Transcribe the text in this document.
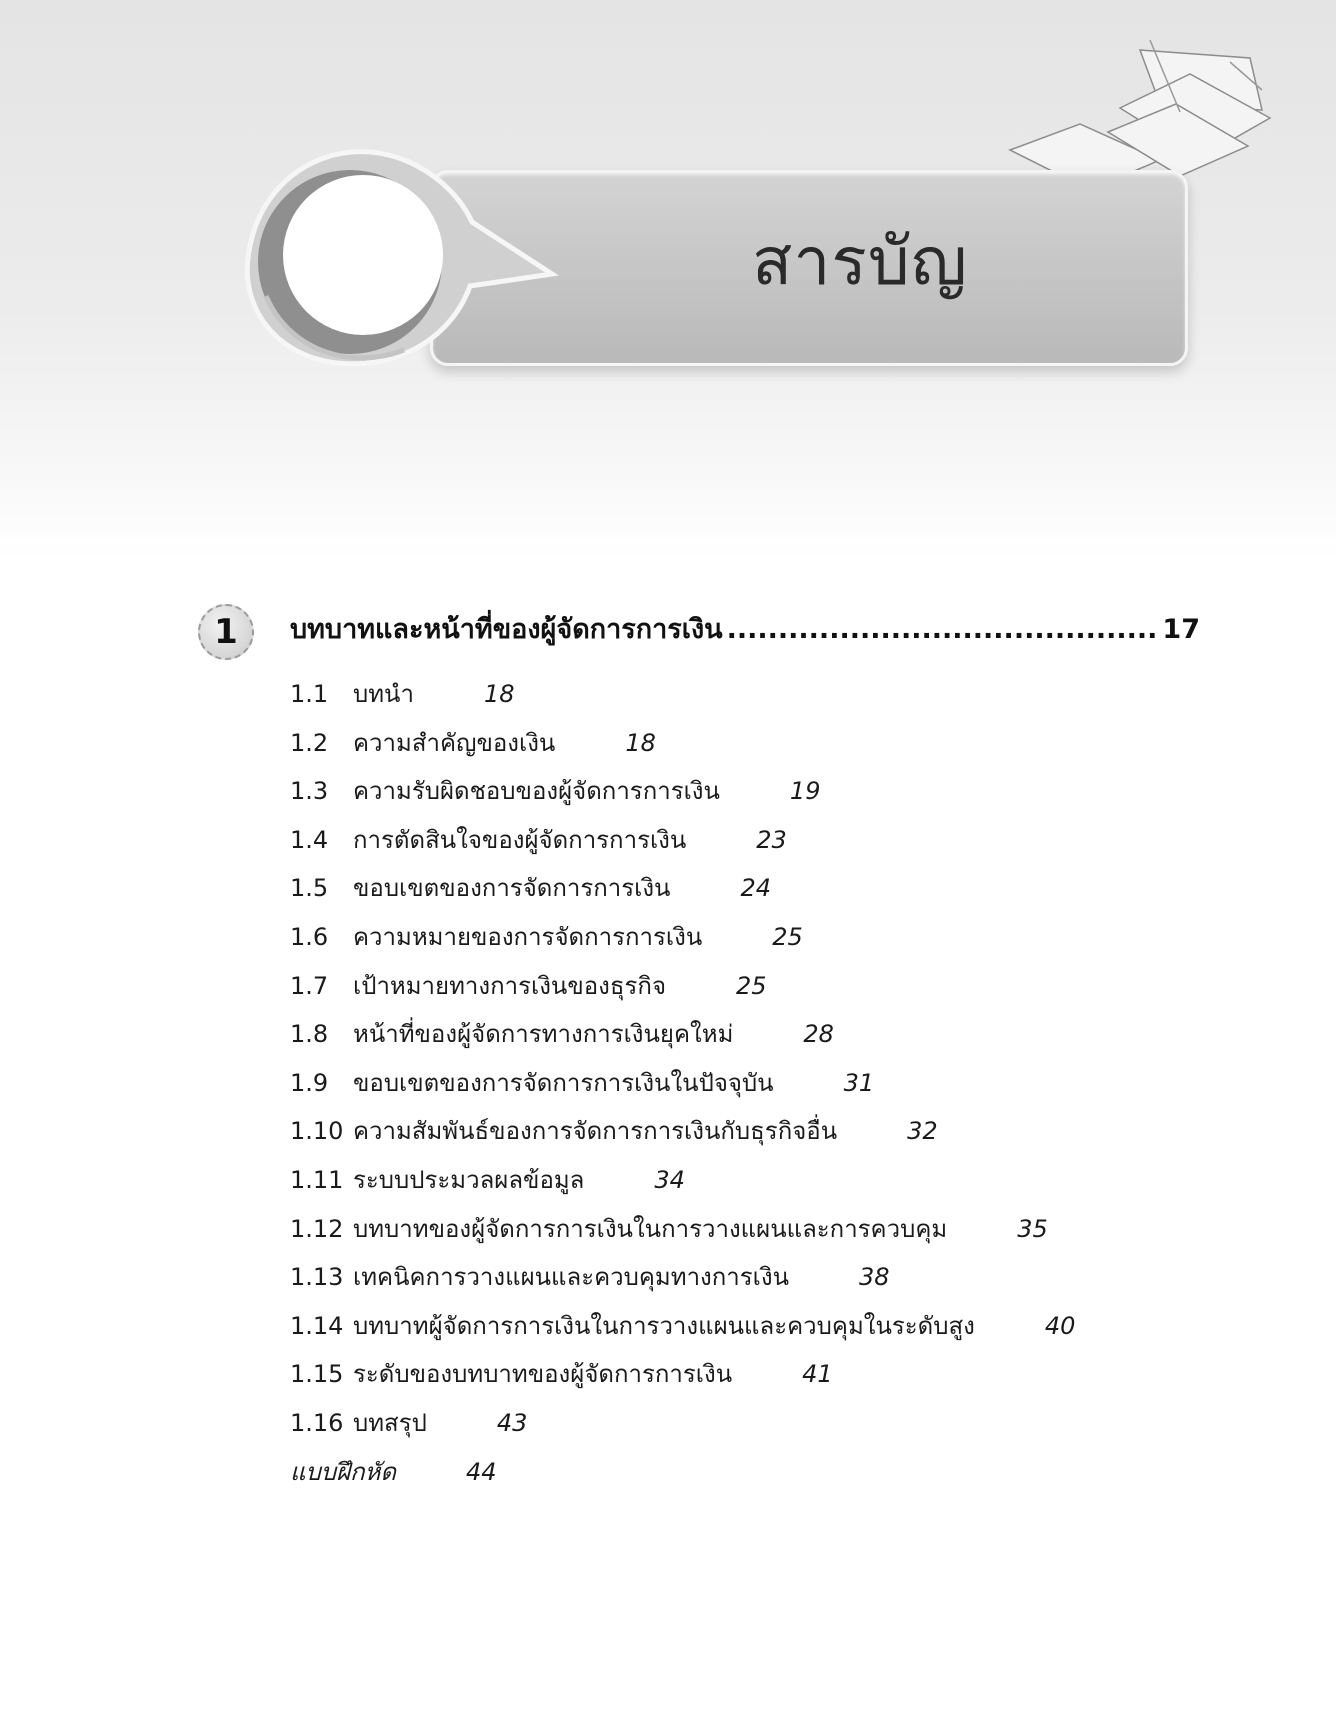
สารบัญ
1	บทบาทและหน้าที่ของผู้จัดการการเงิน .....	17
1.1	บทนำ	18
1.2	ความสำคัญของเงิน	18
1.3	ความรับผิดชอบของผู้จัดการการเงิน	19
1.4	การตัดสินใจของผู้จัดการการเงิน	23
1.5	ขอบเขตของการจัดการการเงิน	24
1.6	ความหมายของการจัดการการเงิน	25
1.7	เป้าหมายทางการเงินของธุรกิจ	25
1.8	หน้าที่ของผู้จัดการทางการเงินยุคใหม่	28
1.9	ขอบเขตของการจัดการการเงินในปัจจุบัน	31
1.10 ความสัมพันธ์ของการจัดการการเงินกับธุรกิจอื่น	32
1.11 ระบบประมวลผลข้อมูล	34
1.12 บทบาทของผู้จัดการการเงินในการวางแผนและการควบคุม	35
1.13 เทคนิคการวางแผนและควบคุมทางการเงิน	38
1.14 บทบาทผู้จัดการการเงินในการวางแผนและควบคุมในระดับสูง	40
1.15 ระดับของบทบาทของผู้จัดการการเงิน	41
1.16 บทสรุป	43
แบบฝึกหัด	44
